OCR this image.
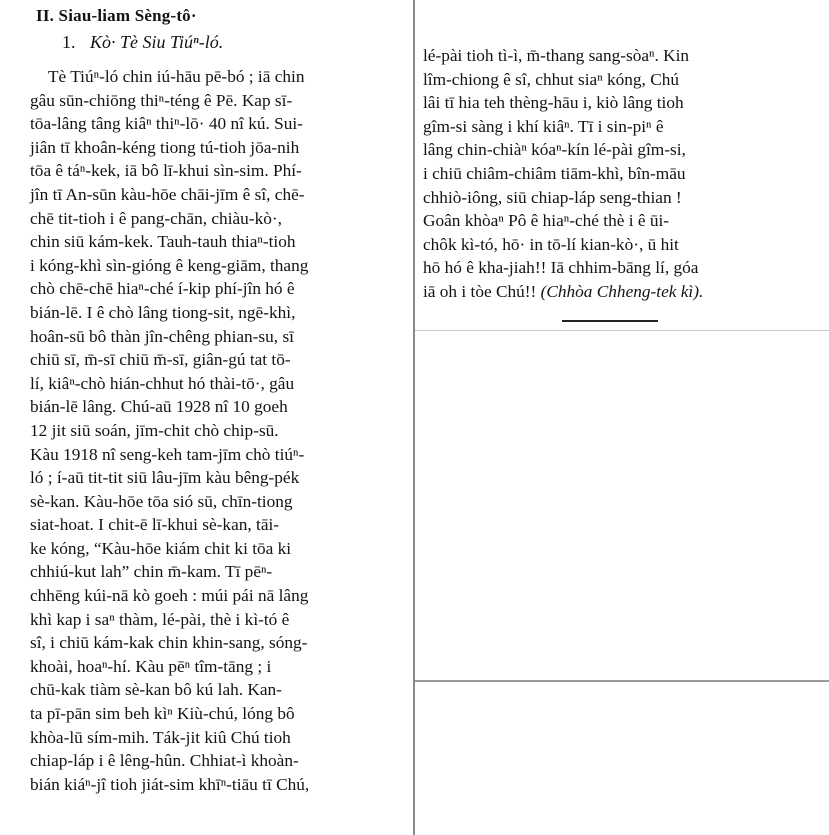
II. Siau-liam Sèng-tô·
1. Kò· Tè Siu Tiúⁿ-ló.

Tè Tiúⁿ-ló chin iú-hāu pē-bó ; iā chin
gâu sūn-chiōng thiⁿ-téng ê Pē. Kap sī-
tōa-lâng tâng kiâⁿ thiⁿ-lō· 40 nî kú. Sui-
jiân tī khoân-kéng tiong tú-tioh jōa-nih
tōa ê táⁿ-kek, iā bô lī-khui sìn-sim. Phí-
jîn tī An-sūn kàu-hōe chāi-jīm ê sî, chē-
chē tit-tioh i ê pang-chān, chiàu-kò·,
chin siū kám-kek. Tauh-tauh thiaⁿ-tioh
i kóng-khì sìn-gióng ê keng-giām, thang
chò chē-chē hiaⁿ-ché í-kip phí-jîn hó ê
bián-lē. I ê chò lâng tiong-sit, ngē-khì,
hoân-sū bô thàn jîn-chêng phian-su, sī
chiū sī, m̄-sī chiū m̄-sī, giân-gú tat tō-
lí, kiâⁿ-chò hián-chhut hó thài-tō·, gâu
bián-lē lâng. Chú-aū 1928 nî 10 goeh
12 jit siū soán, jīm-chit chò chip-sū.
Kàu 1918 nî seng-keh tam-jīm chò tiúⁿ-
ló ; í-aū tit-tit siū lâu-jīm kàu bêng-pék
sè-kan. Kàu-hōe tōa sió sū, chīn-tiong
siat-hoat. I chit-ē lī-khui sè-kan, tāi-
ke kóng, “Kàu-hōe kiám chit ki tōa ki
chhiú-kut lah” chin m̄-kam. Tī pēⁿ-
chhēng kúi-nā kò goeh : múi pái nā lâng
khì kap i saⁿ thàm, lé-pài, thè i kì-tó ê
sî, i chiū kám-kak chin khin-sang, sóng-
khoài, hoaⁿ-hí. Kàu pēⁿ tîm-tāng ; i
chū-kak tiàm sè-kan bô kú lah. Kan-
ta pī-pān sim beh kìⁿ Kiù-chú, lóng bô
khòa-lū sím-mih. Ták-jit kiû Chú tioh
chiap-láp i ê lêng-hûn. Chhiat-ì khoàn-
bián kiáⁿ-jî tioh jiát-sim khīⁿ-tiāu tī Chú,

lé-pài tioh tì-ì, m̄-thang sang-sòaⁿ. Kin
lîm-chiong ê sî, chhut siaⁿ kóng, Chú
lâi tī hia teh thèng-hāu i, kiò lâng tioh
gîm-si sàng i khí kiâⁿ. Tī i sin-piⁿ ê
lâng chin-chiàⁿ kóaⁿ-kín lé-pài gîm-si,
i chiū chiâm-chiâm tiām-khì, bîn-māu
chhiò-iông, siū chiap-láp seng-thian !
Goân khòaⁿ Pô ê hiaⁿ-ché thè i ê ūi-
chôk kì-tó, hō· in tō-lí kian-kò·, ū hit
hō hó ê kha-jiah!! Iā chhim-bāng lí, góa
iā oh i tòe Chú!! (Chhòa Chheng-tek kì).
